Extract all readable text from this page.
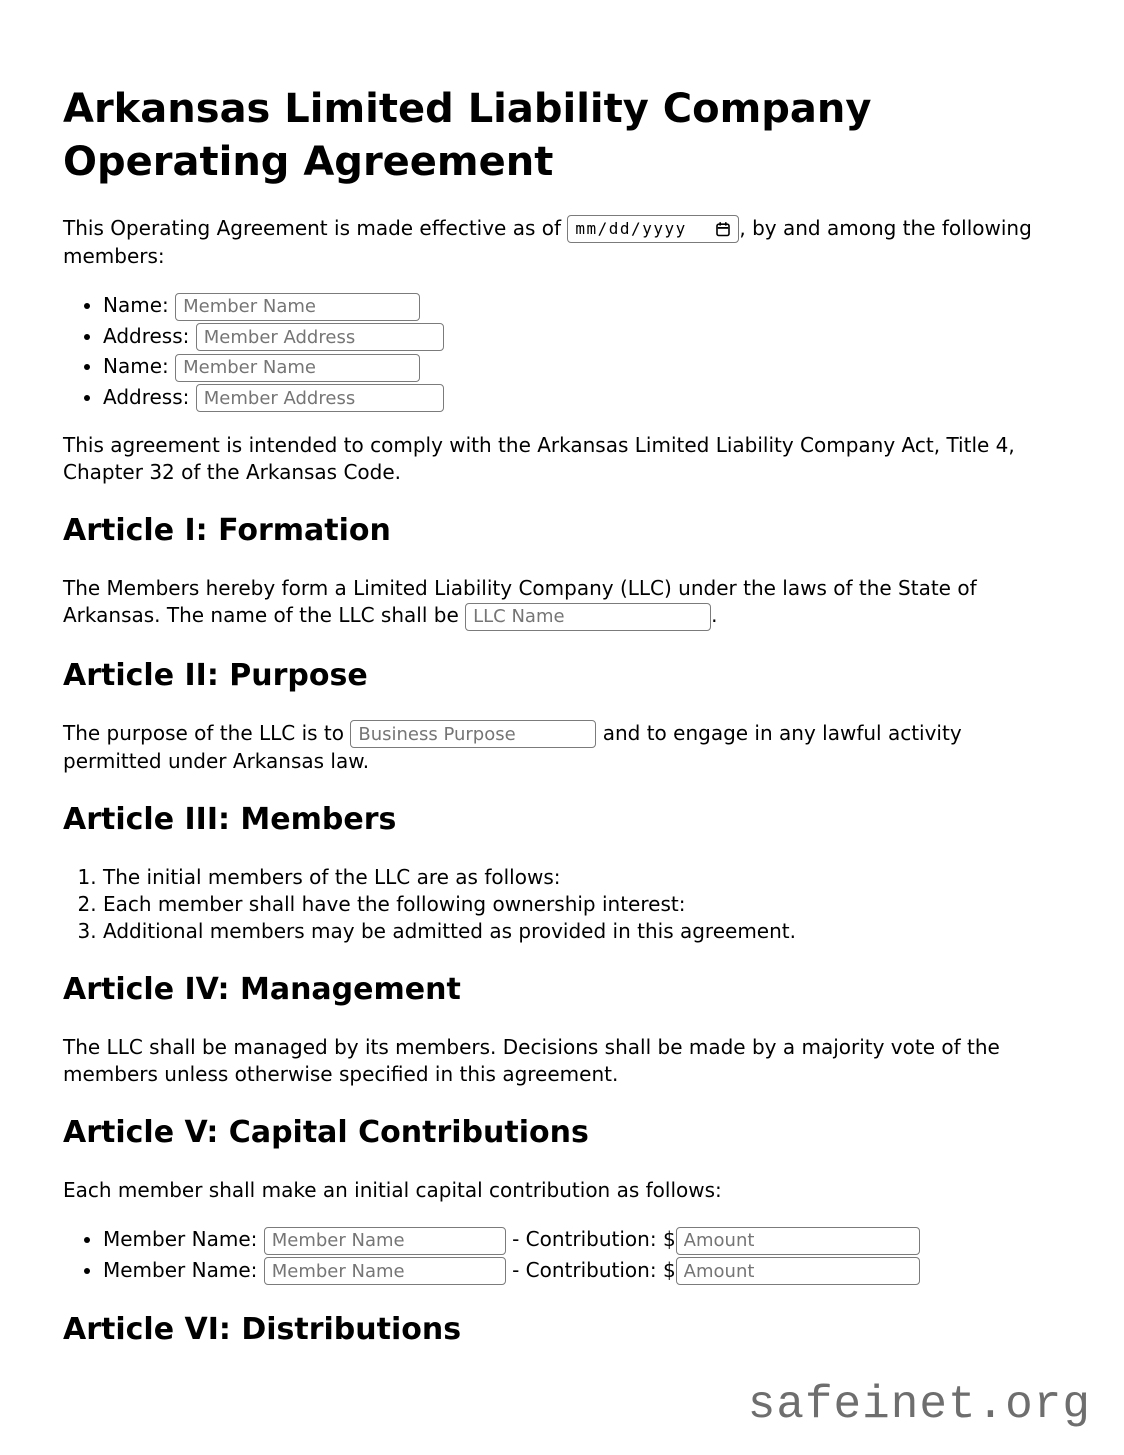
Arkansas Limited Liability Company Operating Agreement

This Operating Agreement is made effective as of mm/dd/yyyy	, by and among the following members:

• Name: Member Name
• Address: Member Address
• Name: Member Name
• Address: Member Address

This agreement is intended to comply with the Arkansas Limited Liability Company Act, Title 4, Chapter 32 of the Arkansas Code.

Article I: Formation

The Members hereby form a Limited Liability Company (LLC) under the laws of the State of Arkansas. The name of the LLC shall be LLC Name	.

Article II: Purpose

The purpose of the LLC is to Business Purpose	and to engage in any lawful activity permitted under Arkansas law.

Article III: Members
1. The initial members of the LLC are as follows:
2. Each member shall have the following ownership interest:
3. Additional members may be admitted as provided in this agreement.
Article IV: Management

The LLC shall be managed by its members. Decisions shall be made by a majority vote of the members unless otherwise specified in this agreement.

Article V: Capital Contributions

Each member shall make an initial capital contribution as follows:

• Member Name: Member Name	- Contribution: $Amount
• Member Name: Member Name	- Contribution: $Amount
Article VI: Distributions
safeinet.org
